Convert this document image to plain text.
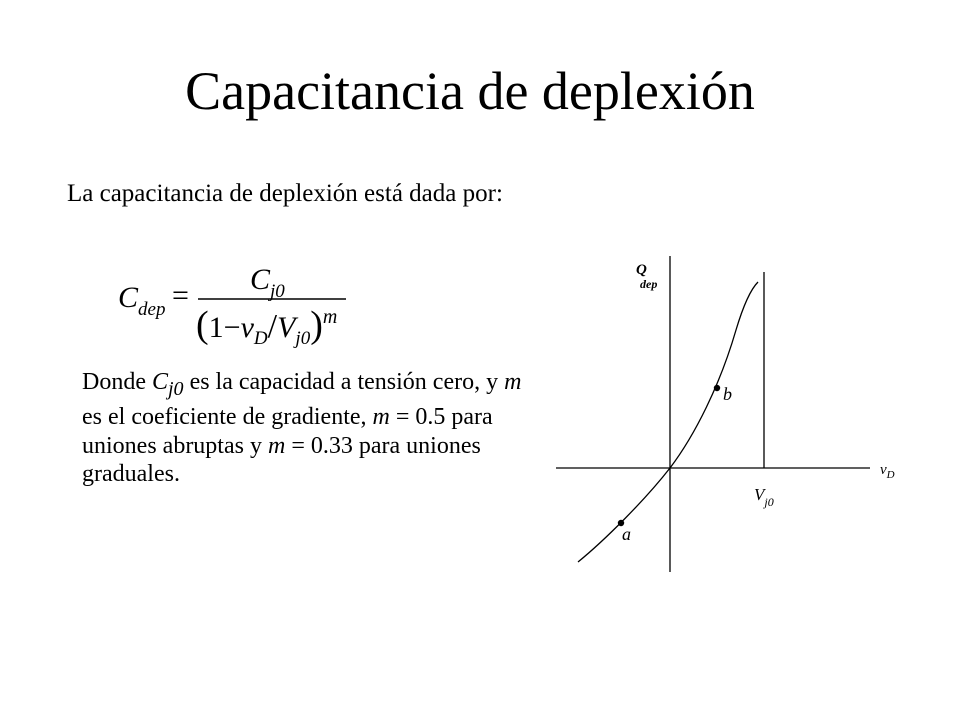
Capacitancia de deplexión

La capacitancia de deplexión está dada por:

$C_{dep} = C_{j0}$
$(1-v_D/V_{j0})^m$

Donde $C_{j0}$ es la capacidad a tensión cero, y m es el coeficiente de gradiente, m = 0.5 para uniones abruptas y m = 0.33 para uniones graduales.

a
b
Q dep
$v_D$
$V_{j0}$
